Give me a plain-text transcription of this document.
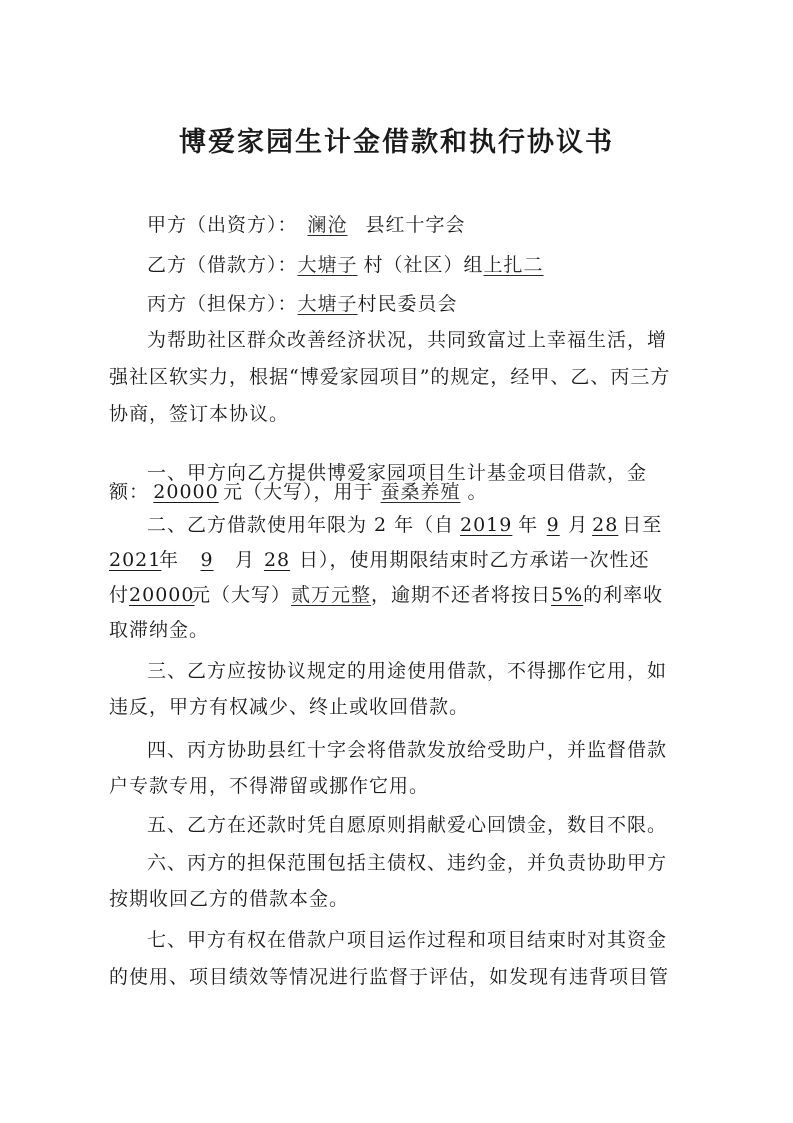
博爱家园生计金借款和执行协议书
甲方（出资方）： 澜沧 县红十字会
乙方（借款方）：大塘子 村（社区）组上扎二
丙方（担保方）：大塘子村民委员会
为帮助社区群众改善经济状况，共同致富过上幸福生活，增
强社区软实力，根据“博爱家园项目”的规定，经甲、乙、丙三方
协商，签订本协议。
一、甲方向乙方提供博爱家园项目生计基金项目借款，金
额： 20000 元（大写），用于 蚕桑养殖 。
二、乙方借款使用年限为 2 年（自 2019 年 9 月 28 日至
2021年 9 月 28 日），使用期限结束时乙方承诺一次性还
付20000元（大写）贰万元整，逾期不还者将按日5%的利率收
取滞纳金。
三、乙方应按协议规定的用途使用借款，不得挪作它用，如
违反，甲方有权减少、终止或收回借款。
四、丙方协助县红十字会将借款发放给受助户，并监督借款
户专款专用，不得滞留或挪作它用。
五、乙方在还款时凭自愿原则捐献爱心回馈金，数目不限。
六、丙方的担保范围包括主债权、违约金，并负责协助甲方
按期收回乙方的借款本金。
七、甲方有权在借款户项目运作过程和项目结束时对其资金
的使用、项目绩效等情况进行监督于评估，如发现有违背项目管
